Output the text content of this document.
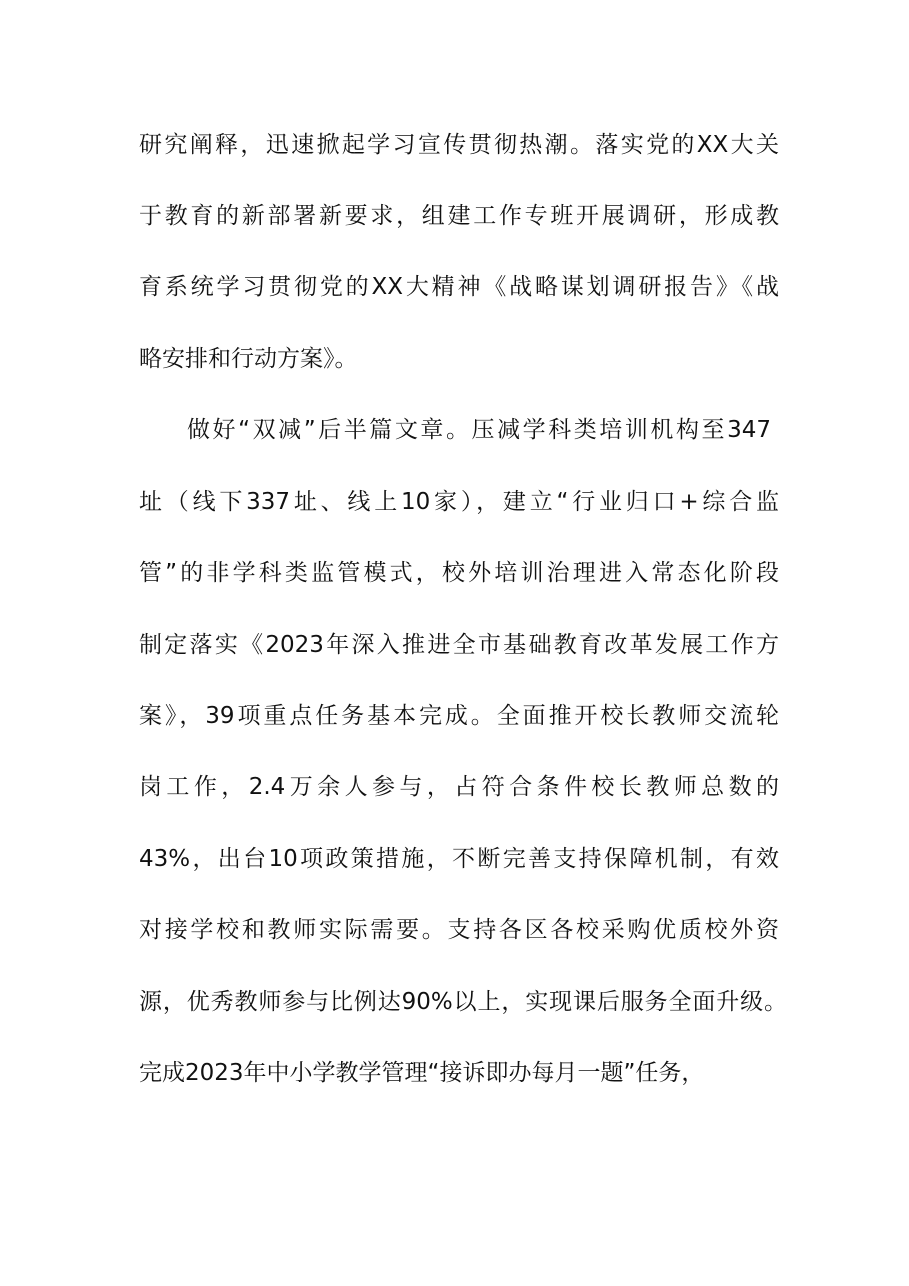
研究阐释，迅速掀起学习宣传贯彻热潮。落实党的XX大关
于教育的新部署新要求，组建工作专班开展调研，形成教
育系统学习贯彻党的XX大精神《战略谋划调研报告》《战
略安排和行动方案》。
做好“双减”后半篇文章。压减学科类培训机构至347
址（线下337址、线上10家），建立“行业归口+综合监
管”的非学科类监管模式，校外培训治理进入常态化阶段
制定落实《2023年深入推进全市基础教育改革发展工作方
案》，39项重点任务基本完成。全面推开校长教师交流轮
岗工作，2.4万余人参与，占符合条件校长教师总数的
43%，出台10项政策措施，不断完善支持保障机制，有效
对接学校和教师实际需要。支持各区各校采购优质校外资
源，优秀教师参与比例达90%以上，实现课后服务全面升级。
完成2023年中小学教学管理“接诉即办每月一题”任务，
